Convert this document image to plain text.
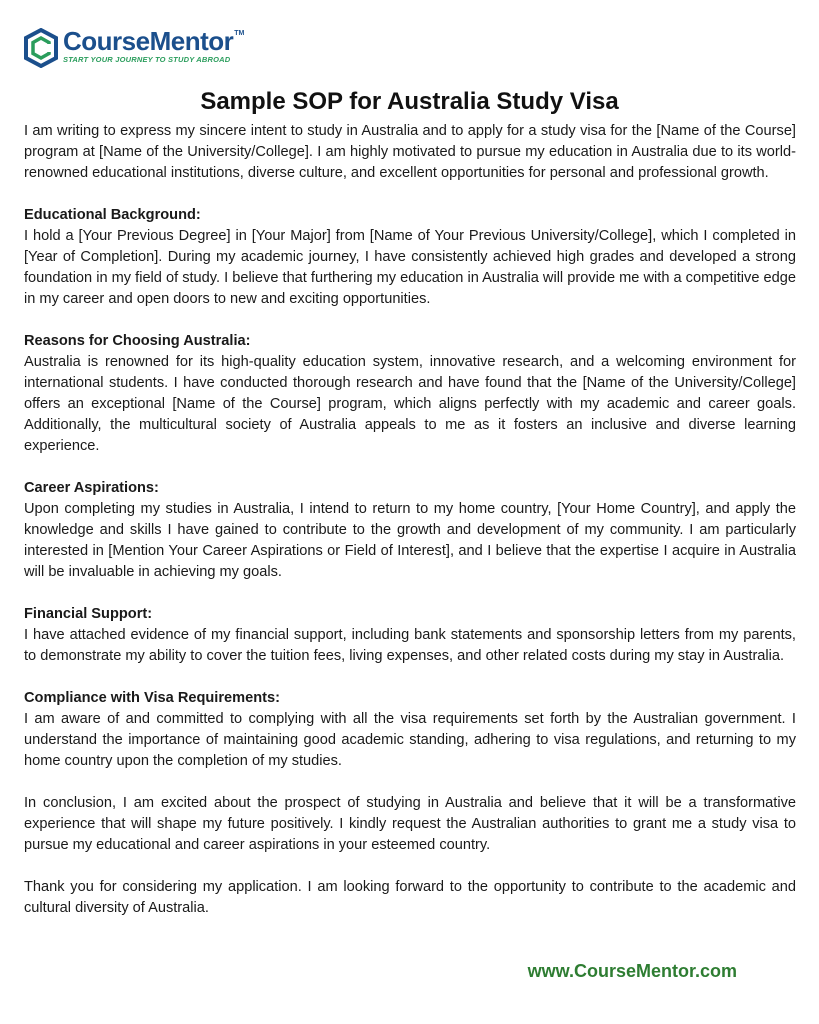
CourseMentor TM
START YOUR JOURNEY TO STUDY ABROAD
Sample SOP for Australia Study Visa

I am writing to express my sincere intent to study in Australia and to apply for a study visa for the [Name of the Course] program at [Name of the University/College]. I am highly motivated to pursue my education in Australia due to its world-renowned educational institutions, diverse culture, and excellent opportunities for personal and professional growth.

Educational Background:

I hold a [Your Previous Degree] in [Your Major] from [Name of Your Previous University/College], which I completed in [Year of Completion]. During my academic journey, I have consistently achieved high grades and developed a strong foundation in my field of study. I believe that furthering my education in Australia will provide me with a competitive edge in my career and open doors to new and exciting opportunities.

Reasons for Choosing Australia:

Australia is renowned for its high-quality education system, innovative research, and a welcoming environment for international students. I have conducted thorough research and have found that the [Name of the University/College] offers an exceptional [Name of the Course] program, which aligns perfectly with my academic and career goals. Additionally, the multicultural society of Australia appeals to me as it fosters an inclusive and diverse learning experience.

Career Aspirations:

Upon completing my studies in Australia, I intend to return to my home country, [Your Home Country], and apply the knowledge and skills I have gained to contribute to the growth and development of my community. I am particularly interested in [Mention Your Career Aspirations or Field of Interest], and I believe that the expertise I acquire in Australia will be invaluable in achieving my goals.

Financial Support:

I have attached evidence of my financial support, including bank statements and sponsorship letters from my parents, to demonstrate my ability to cover the tuition fees, living expenses, and other related costs during my stay in Australia.

Compliance with Visa Requirements:

I am aware of and committed to complying with all the visa requirements set forth by the Australian government. I understand the importance of maintaining good academic standing, adhering to visa regulations, and returning to my home country upon the completion of my studies.

In conclusion, I am excited about the prospect of studying in Australia and believe that it will be a transformative experience that will shape my future positively. I kindly request the Australian authorities to grant me a study visa to pursue my educational and career aspirations in your esteemed country.

Thank you for considering my application. I am looking forward to the opportunity to contribute to the academic and cultural diversity of Australia.

www.CourseMentor.com
